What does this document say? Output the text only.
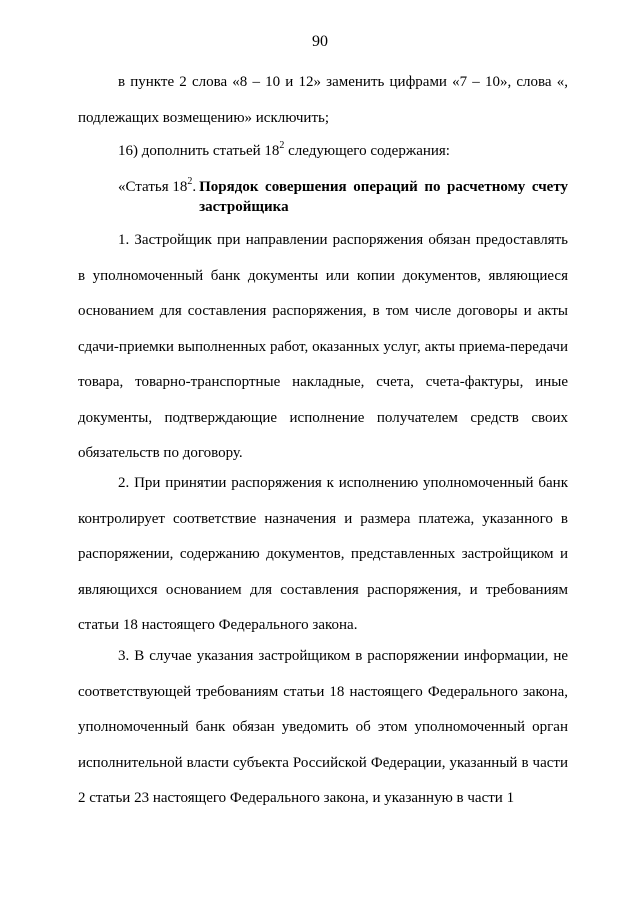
90

в пункте 2 слова «8 – 10 и 12» заменить цифрами «7 – 10», слова «, подлежащих возмещению» исключить;

16) дополнить статьей $18^2$ следующего содержания:

«Статья $18^2$. Порядок совершения операций по расчетному счету застройщика

1. Застройщик при направлении распоряжения обязан предоставлять в уполномоченный банк документы или копии документов, являющиеся основанием для составления распоряжения, в том числе договоры и акты сдачи-приемки выполненных работ, оказанных услуг, акты приема-передачи товара, товарно-транспортные накладные, счета, счета-фактуры, иные документы, подтверждающие исполнение получателем средств своих обязательств по договору.

2. При принятии распоряжения к исполнению уполномоченный банк контролирует соответствие назначения и размера платежа, указанного в распоряжении, содержанию документов, представленных застройщиком и являющихся основанием для составления распоряжения, и требованиям статьи 18 настоящего Федерального закона.

3. В случае указания застройщиком в распоряжении информации, не соответствующей требованиям статьи 18 настоящего Федерального закона, уполномоченный банк обязан уведомить об этом уполномоченный орган исполнительной власти субъекта Российской Федерации, указанный в части 2 статьи 23 настоящего Федерального закона, и указанную в части 1
